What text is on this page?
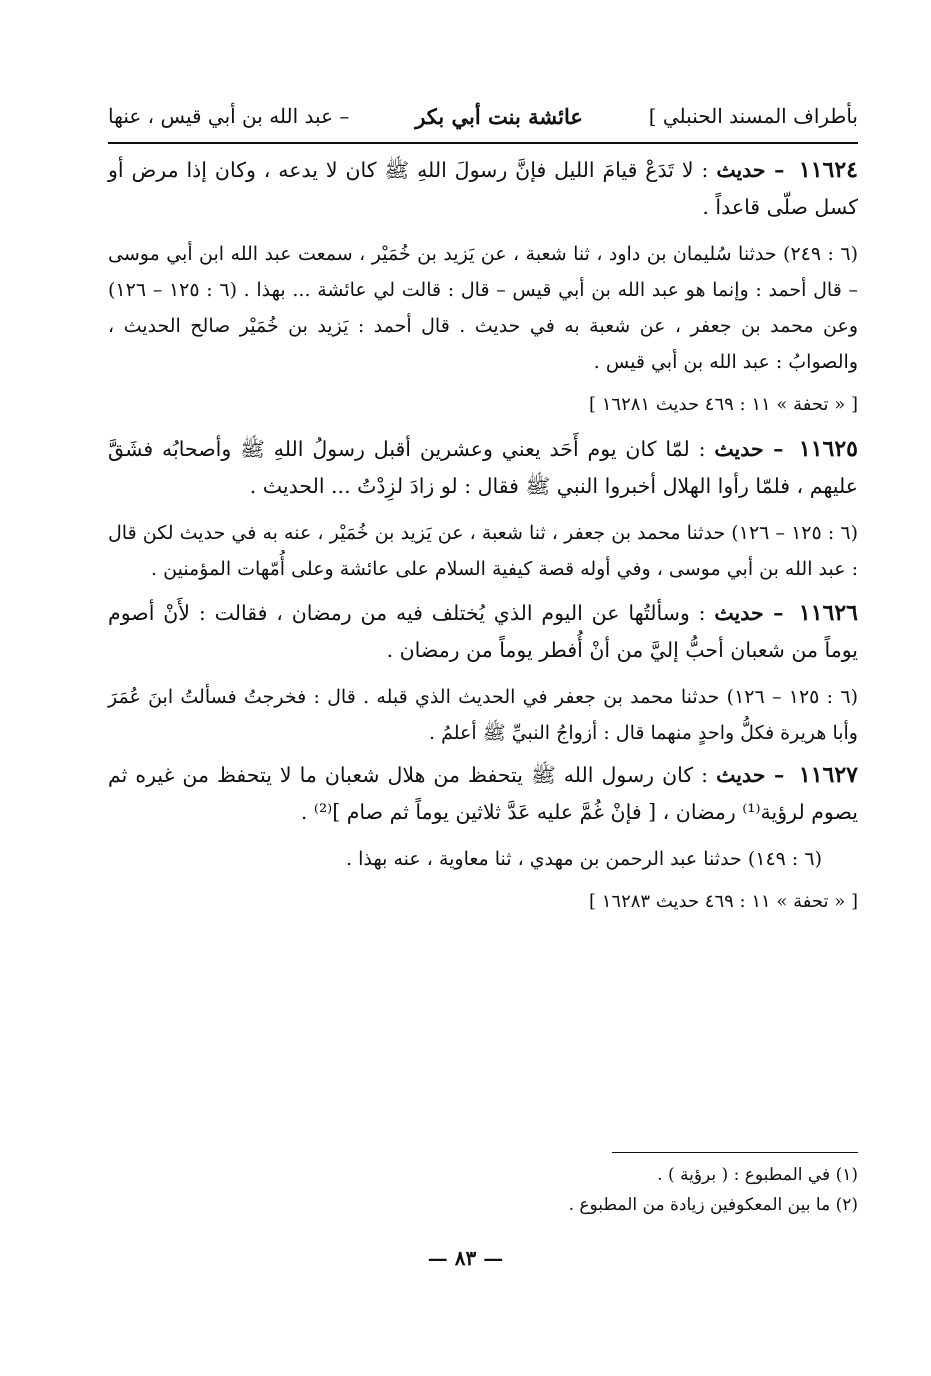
بأطراف المسند الحنبلي ]
عائشة بنت أبي بكر
– عبد الله بن أبي قيس ، عنها

١١٦٢٤ – حديث : لا تَدَعْ قيامَ الليل فإنَّ رسولَ اللهِ ﷺ كان لا يدعه ، وكان إذا مرض أو كسل صلّى قاعداً .

(٦ : ٢٤٩) حدثنا سُليمان بن داود ، ثنا شعبة ، عن يَزيد بن خُمَيْر ، سمعت عبد الله ابن أبي موسى – قال أحمد : وإنما هو عبد الله بن أبي قيس – قال : قالت لي عائشة ... بهذا . (٦ : ١٢٥ – ١٢٦) وعن محمد بن جعفر ، عن شعبة به في حديث . قال أحمد : يَزيد بن خُمَيْر صالح الحديث ، والصوابُ : عبد الله بن أبي قيس .

[ « تحفة » ١١ : ٤٦٩ حديث ١٦٢٨١ ]

١١٦٢٥ – حديث : لمّا كان يوم أَحَد يعني وعشرين أقبل رسولُ اللهِ ﷺ وأصحابُه فشَقَّ عليهم ، فلمّا رأوا الهلال أخبروا النبي ﷺ فقال : لو زادَ لزِدْتُ ... الحديث .

(٦ : ١٢٥ – ١٢٦) حدثنا محمد بن جعفر ، ثنا شعبة ، عن يَزيد بن خُمَيْر ، عنه به في حديث لكن قال : عبد الله بن أبي موسى ، وفي أوله قصة كيفية السلام على عائشة وعلى أُمّهات المؤمنين .

١١٦٢٦ – حديث : وسألتُها عن اليوم الذي يُختلف فيه من رمضان ، فقالت : لأَنْ أصوم يوماً من شعبان أحبُّ إليَّ من أنْ أُفطر يوماً من رمضان .

(٦ : ١٢٥ – ١٢٦) حدثنا محمد بن جعفر في الحديث الذي قبله . قال : فخرجتُ فسألتُ ابنَ عُمَرَ وأبا هريرة فكلُّ واحدٍ منهما قال : أزواجُ النبيِّ ﷺ أعلمُ .

١١٦٢٧ – حديث : كان رسول الله ﷺ يتحفظ من هلال شعبان ما لا يتحفظ من غيره ثم يصوم لرؤية⁽¹⁾ رمضان ، [ فإنْ غُمَّ عليه عَدَّ ثلاثين يوماً ثم صام ]⁽²⁾ .

(٦ : ١٤٩) حدثنا عبد الرحمن بن مهدي ، ثنا معاوية ، عنه بهذا .

[ « تحفة » ١١ : ٤٦٩ حديث ١٦٢٨٣ ]

(١) في المطبوع : ( برؤية ) .
(٢) ما بين المعكوفين زيادة من المطبوع .
— ٨٣ —
